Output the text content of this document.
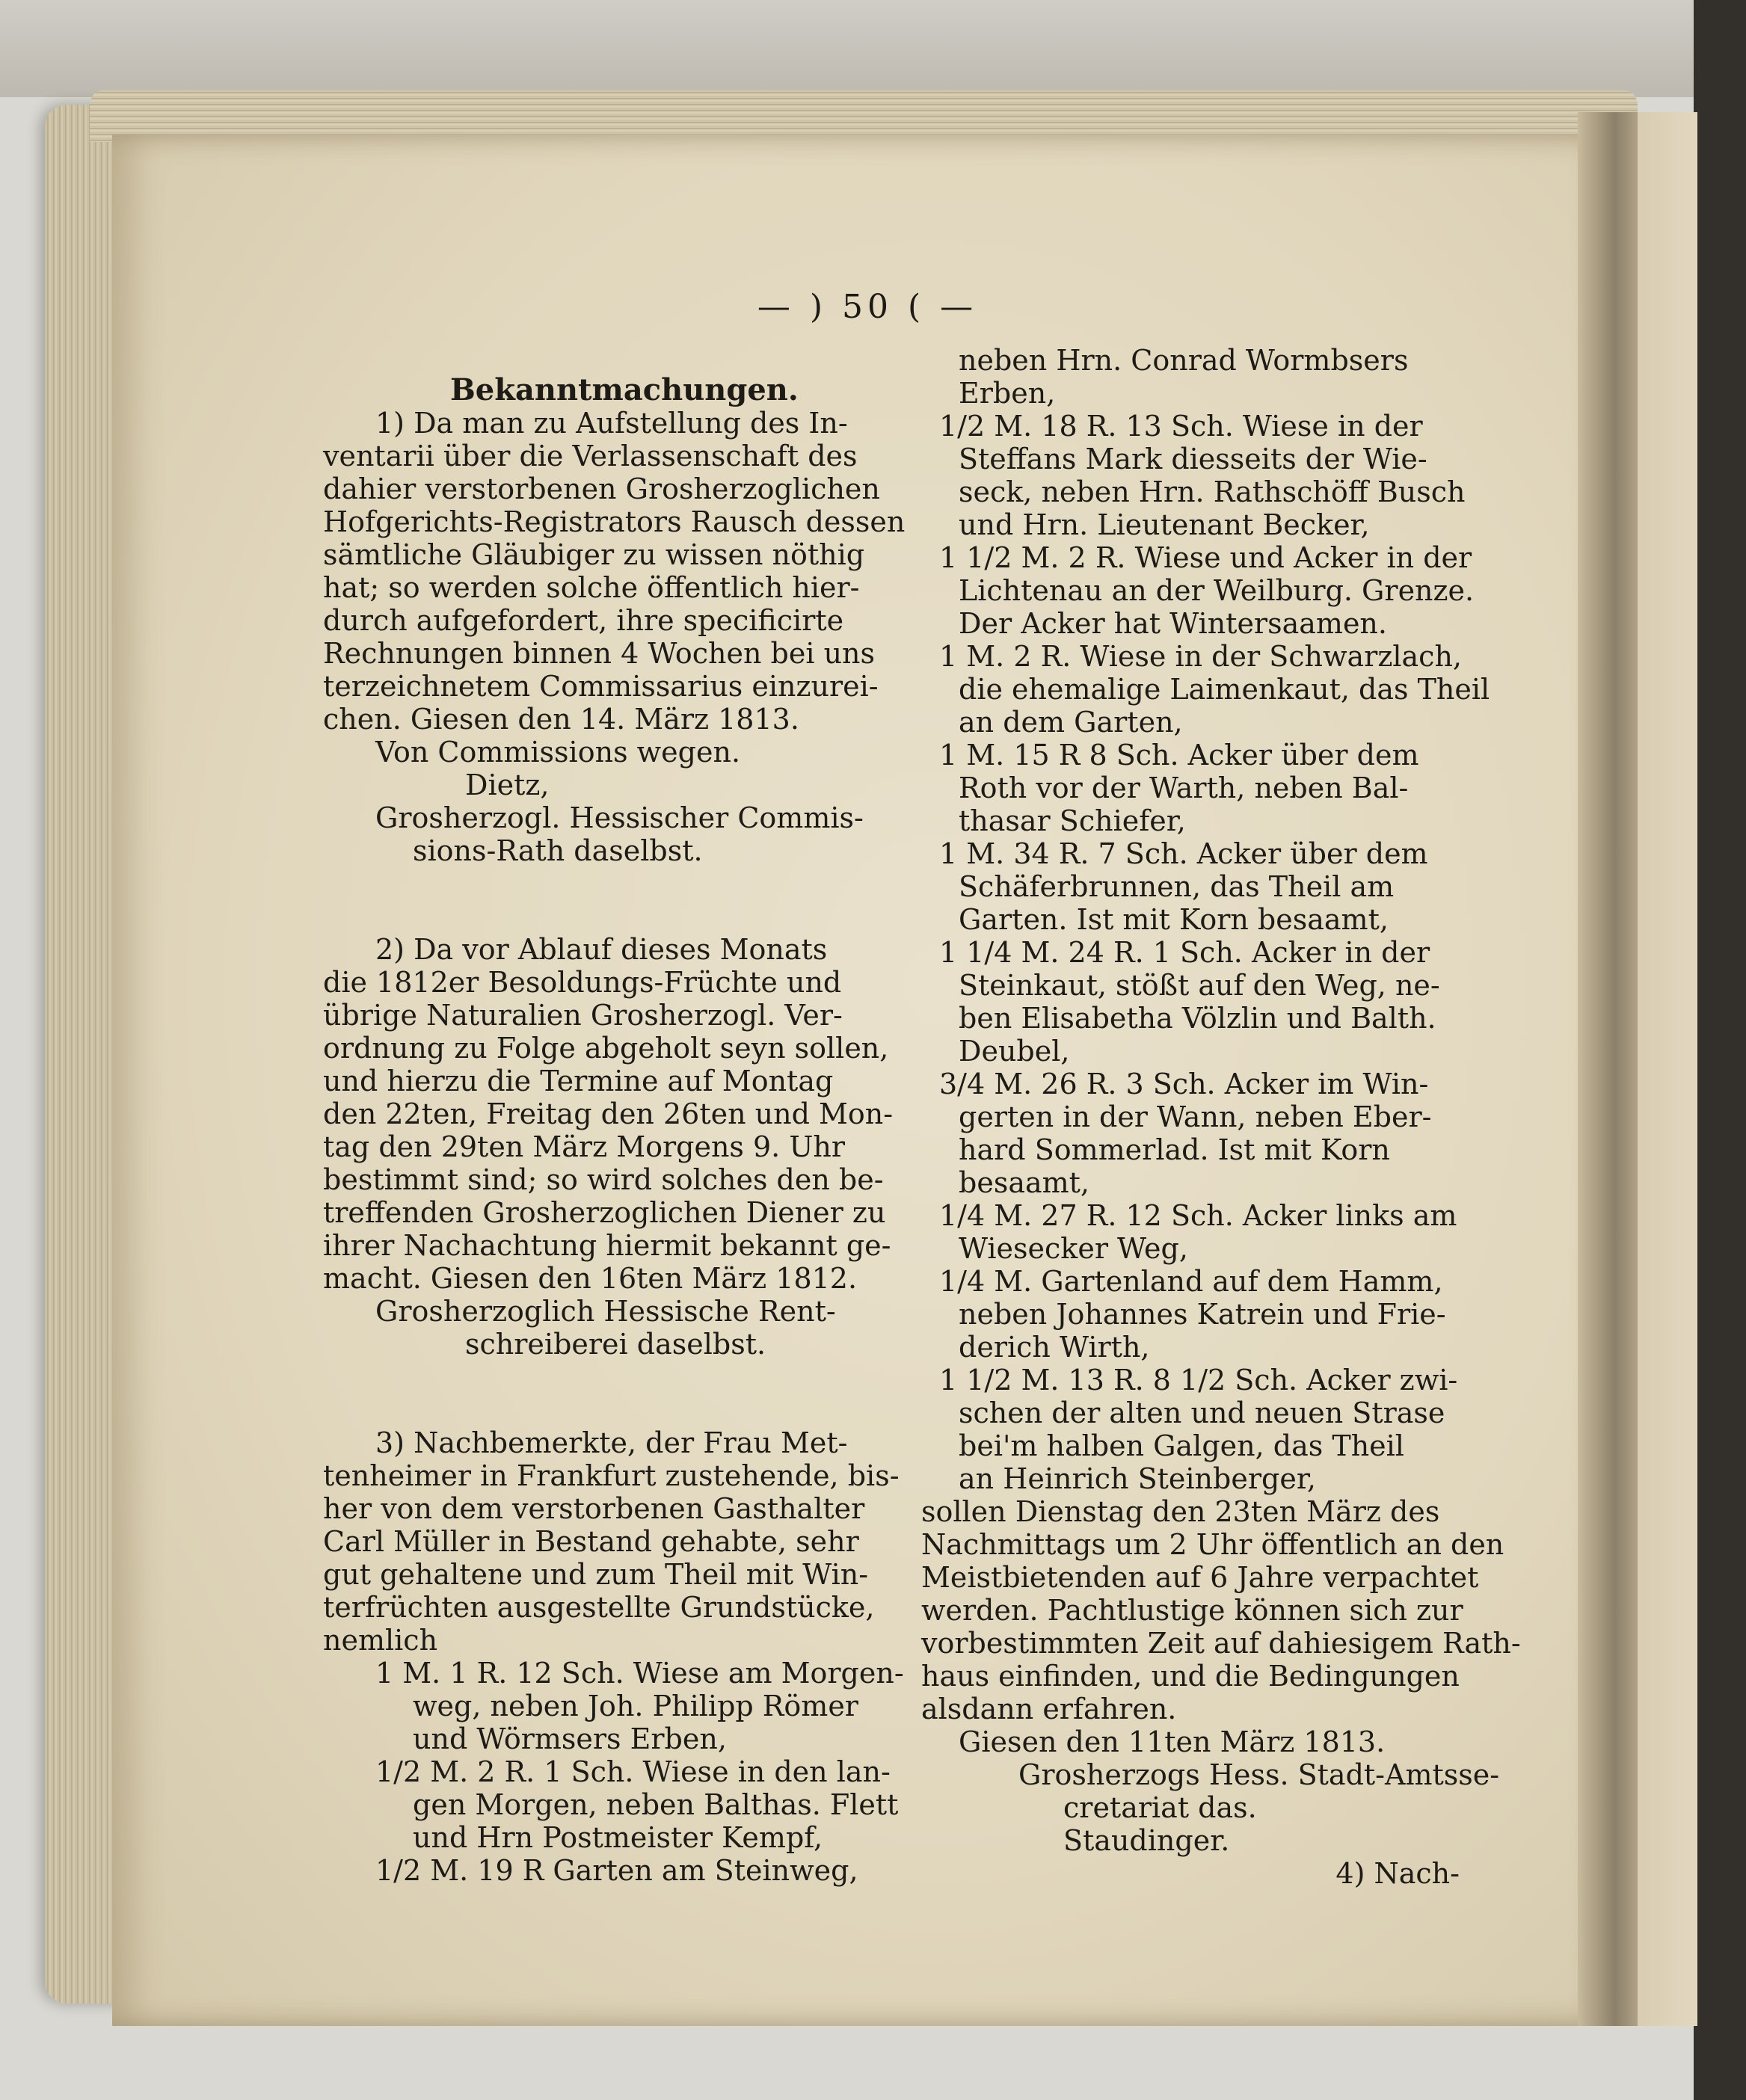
— ) 50 ( —
Bekanntmachungen.
1) Da man zu Aufstellung des In-
ventarii über die Verlassenschaft des
dahier verstorbenen Grosherzoglichen
Hofgerichts-Registrators Rausch dessen
sämtliche Gläubiger zu wissen nöthig
hat; so werden solche öffentlich hier-
durch aufgefordert, ihre specificirte
Rechnungen binnen 4 Wochen bei uns
terzeichnetem Commissarius einzurei-
chen. Giesen den 14. März 1813.
Von Commissions wegen.
Dietz,
Grosherzogl. Hessischer Commis-
sions-Rath daselbst.
2) Da vor Ablauf dieses Monats
die 1812er Besoldungs-Früchte und
übrige Naturalien Grosherzogl. Ver-
ordnung zu Folge abgeholt seyn sollen,
und hierzu die Termine auf Montag
den 22ten, Freitag den 26ten und Mon-
tag den 29ten März Morgens 9. Uhr
bestimmt sind; so wird solches den be-
treffenden Grosherzoglichen Diener zu
ihrer Nachachtung hiermit bekannt ge-
macht. Giesen den 16ten März 1812.
Grosherzoglich Hessische Rent-
schreiberei daselbst.
3) Nachbemerkte, der Frau Met-
tenheimer in Frankfurt zustehende, bis-
her von dem verstorbenen Gasthalter
Carl Müller in Bestand gehabte, sehr
gut gehaltene und zum Theil mit Win-
terfrüchten ausgestellte Grundstücke,
nemlich
1 M. 1 R. 12 Sch. Wiese am Morgen-
weg, neben Joh. Philipp Römer
und Wörmsers Erben,
1/2 M. 2 R. 1 Sch. Wiese in den lan-
gen Morgen, neben Balthas. Flett
und Hrn Postmeister Kempf,
1/2 M. 19 R Garten am Steinweg,
neben Hrn. Conrad Wormbsers
Erben,
1/2 M. 18 R. 13 Sch. Wiese in der
Steffans Mark diesseits der Wie-
seck, neben Hrn. Rathschöff Busch
und Hrn. Lieutenant Becker,
1 1/2 M. 2 R. Wiese und Acker in der
Lichtenau an der Weilburg. Grenze.
Der Acker hat Wintersaamen.
1 M. 2 R. Wiese in der Schwarzlach,
die ehemalige Laimenkaut, das Theil
an dem Garten,
1 M. 15 R 8 Sch. Acker über dem
Roth vor der Warth, neben Bal-
thasar Schiefer,
1 M. 34 R. 7 Sch. Acker über dem
Schäferbrunnen, das Theil am
Garten. Ist mit Korn besaamt,
1 1/4 M. 24 R. 1 Sch. Acker in der
Steinkaut, stößt auf den Weg, ne-
ben Elisabetha Völzlin und Balth.
Deubel,
3/4 M. 26 R. 3 Sch. Acker im Win-
gerten in der Wann, neben Eber-
hard Sommerlad. Ist mit Korn
besaamt,
1/4 M. 27 R. 12 Sch. Acker links am
Wiesecker Weg,
1/4 M. Gartenland auf dem Hamm,
neben Johannes Katrein und Frie-
derich Wirth,
1 1/2 M. 13 R. 8 1/2 Sch. Acker zwi-
schen der alten und neuen Strase
bei'm halben Galgen, das Theil
an Heinrich Steinberger,
sollen Dienstag den 23ten März des
Nachmittags um 2 Uhr öffentlich an den
Meistbietenden auf 6 Jahre verpachtet
werden. Pachtlustige können sich zur
vorbestimmten Zeit auf dahiesigem Rath-
haus einfinden, und die Bedingungen
alsdann erfahren.
Giesen den 11ten März 1813.
Grosherzogs Hess. Stadt-Amtsse-
cretariat das.
Staudinger.
4) Nach-
